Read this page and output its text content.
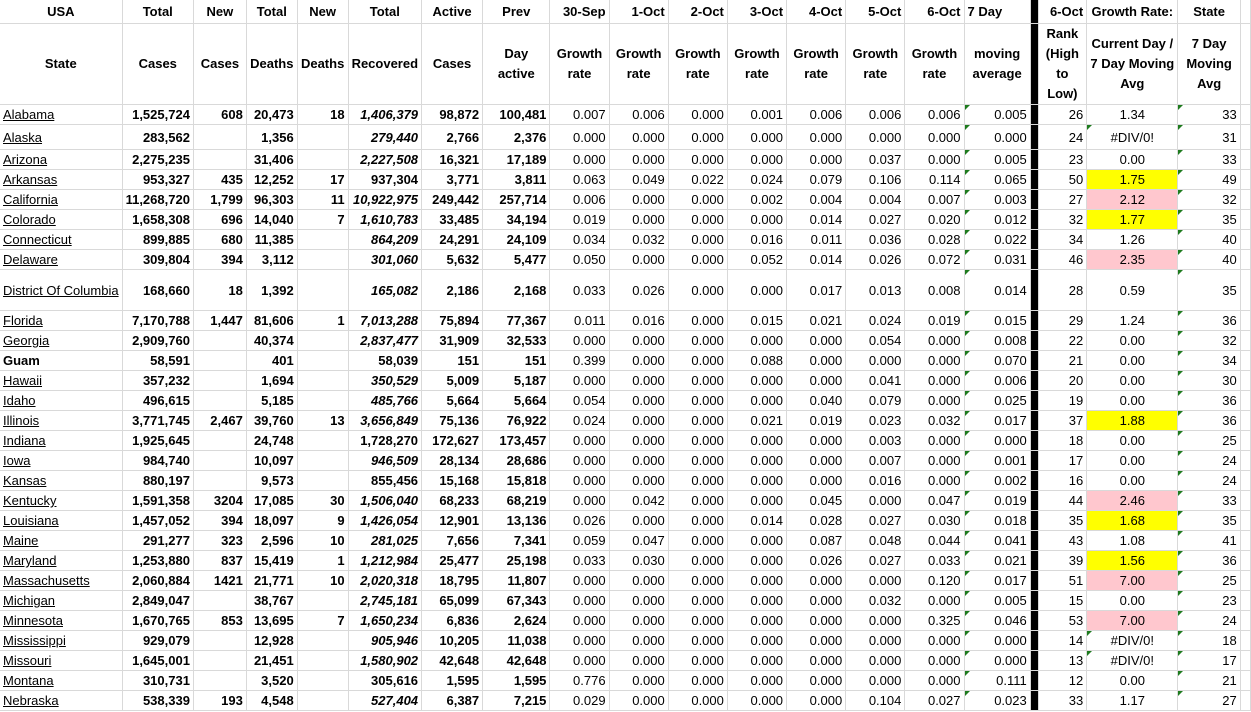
USA	Total	New	Total	New	Total	Active	Prev	30-Sep	1-Oct	2-Oct	3-Oct	4-Oct	5-Oct	6-Oct	7 Day		6-Oct	Growth Rate:	State	
State	Cases	Cases	Deaths	Deaths	Recovered	Cases	Day active	Growth rate	Growth rate	Growth rate	Growth rate	Growth rate	Growth rate	Growth rate	moving average		Rank (High to Low)	Current Day / 7 Day Moving Avg	7 Day Moving Avg	
Alabama	1,525,724	608	20,473	18	1,406,379	98,872	100,481	0.007	0.006	0.000	0.001	0.006	0.006	0.006	0.005		26	1.34	33	
Alaska	283,562		1,356		279,440	2,766	2,376	0.000	0.000	0.000	0.000	0.000	0.000	0.000	0.000		24	#DIV/0!	31	
Arizona	2,275,235		31,406		2,227,508	16,321	17,189	0.000	0.000	0.000	0.000	0.000	0.037	0.000	0.005		23	0.00	33	
Arkansas	953,327	435	12,252	17	937,304	3,771	3,811	0.063	0.049	0.022	0.024	0.079	0.106	0.114	0.065		50	1.75	49	
California	11,268,720	1,799	96,303	11	10,922,975	249,442	257,714	0.006	0.000	0.000	0.002	0.004	0.004	0.007	0.003		27	2.12	32	
Colorado	1,658,308	696	14,040	7	1,610,783	33,485	34,194	0.019	0.000	0.000	0.000	0.014	0.027	0.020	0.012		32	1.77	35	
Connecticut	899,885	680	11,385		864,209	24,291	24,109	0.034	0.032	0.000	0.016	0.011	0.036	0.028	0.022		34	1.26	40	
Delaware	309,804	394	3,112		301,060	5,632	5,477	0.050	0.000	0.000	0.052	0.014	0.026	0.072	0.031		46	2.35	40	
District Of Columbia	168,660	18	1,392		165,082	2,186	2,168	0.033	0.026	0.000	0.000	0.017	0.013	0.008	0.014		28	0.59	35	
Florida	7,170,788	1,447	81,606	1	7,013,288	75,894	77,367	0.011	0.016	0.000	0.015	0.021	0.024	0.019	0.015		29	1.24	36	
Georgia	2,909,760		40,374		2,837,477	31,909	32,533	0.000	0.000	0.000	0.000	0.000	0.054	0.000	0.008		22	0.00	32	
Guam	58,591		401		58,039	151	151	0.399	0.000	0.000	0.088	0.000	0.000	0.000	0.070		21	0.00	34	
Hawaii	357,232		1,694		350,529	5,009	5,187	0.000	0.000	0.000	0.000	0.000	0.041	0.000	0.006		20	0.00	30	
Idaho	496,615		5,185		485,766	5,664	5,664	0.054	0.000	0.000	0.000	0.040	0.079	0.000	0.025		19	0.00	36	
Illinois	3,771,745	2,467	39,760	13	3,656,849	75,136	76,922	0.024	0.000	0.000	0.021	0.019	0.023	0.032	0.017		37	1.88	36	
Indiana	1,925,645		24,748		1,728,270	172,627	173,457	0.000	0.000	0.000	0.000	0.000	0.003	0.000	0.000		18	0.00	25	
Iowa	984,740		10,097		946,509	28,134	28,686	0.000	0.000	0.000	0.000	0.000	0.007	0.000	0.001		17	0.00	24	
Kansas	880,197		9,573		855,456	15,168	15,818	0.000	0.000	0.000	0.000	0.000	0.016	0.000	0.002		16	0.00	24	
Kentucky	1,591,358	3204	17,085	30	1,506,040	68,233	68,219	0.000	0.042	0.000	0.000	0.045	0.000	0.047	0.019		44	2.46	33	
Louisiana	1,457,052	394	18,097	9	1,426,054	12,901	13,136	0.026	0.000	0.000	0.014	0.028	0.027	0.030	0.018		35	1.68	35	
Maine	291,277	323	2,596	10	281,025	7,656	7,341	0.059	0.047	0.000	0.000	0.087	0.048	0.044	0.041		43	1.08	41	
Maryland	1,253,880	837	15,419	1	1,212,984	25,477	25,198	0.033	0.030	0.000	0.000	0.026	0.027	0.033	0.021		39	1.56	36	
Massachusetts	2,060,884	1421	21,771	10	2,020,318	18,795	11,807	0.000	0.000	0.000	0.000	0.000	0.000	0.120	0.017		51	7.00	25	
Michigan	2,849,047		38,767		2,745,181	65,099	67,343	0.000	0.000	0.000	0.000	0.000	0.032	0.000	0.005		15	0.00	23	
Minnesota	1,670,765	853	13,695	7	1,650,234	6,836	2,624	0.000	0.000	0.000	0.000	0.000	0.000	0.325	0.046		53	7.00	24	
Mississippi	929,079		12,928		905,946	10,205	11,038	0.000	0.000	0.000	0.000	0.000	0.000	0.000	0.000		14	#DIV/0!	18	
Missouri	1,645,001		21,451		1,580,902	42,648	42,648	0.000	0.000	0.000	0.000	0.000	0.000	0.000	0.000		13	#DIV/0!	17	
Montana	310,731		3,520		305,616	1,595	1,595	0.776	0.000	0.000	0.000	0.000	0.000	0.000	0.111		12	0.00	21	
Nebraska	538,339	193	4,548		527,404	6,387	7,215	0.029	0.000	0.000	0.000	0.000	0.104	0.027	0.023		33	1.17	27	
